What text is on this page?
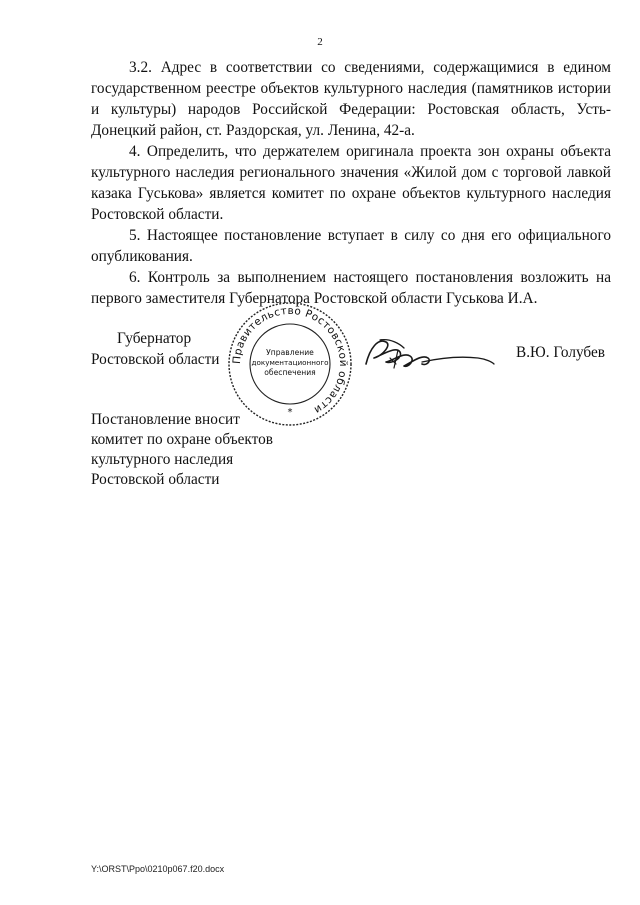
2

3.2. Адрес в соответствии со сведениями, содержащимися в едином государственном реестре объектов культурного наследия (памятников истории и культуры) народов Российской Федерации: Ростовская область, Усть-Донецкий район, ст. Раздорская, ул. Ленина, 42-а.

4. Определить, что держателем оригинала проекта зон охраны объекта культурного наследия регионального значения «Жилой дом с торговой лавкой казака Гуськова» является комитет по охране объектов культурного наследия Ростовской области.

5. Настоящее постановление вступает в силу со дня его официального опубликования.

6. Контроль за выполнением настоящего постановления возложить на первого заместителя Губернатора Ростовской области Гуськова И.А.

Губернатор
Ростовской области Правительство Ростовской области
Управление
документационного
обеспечения
*
В.Ю. Голубев
Постановление вносит
комитет по охране объектов
культурного наследия
Ростовской области
Y:\ORST\Ppo\0210p067.f20.docx
